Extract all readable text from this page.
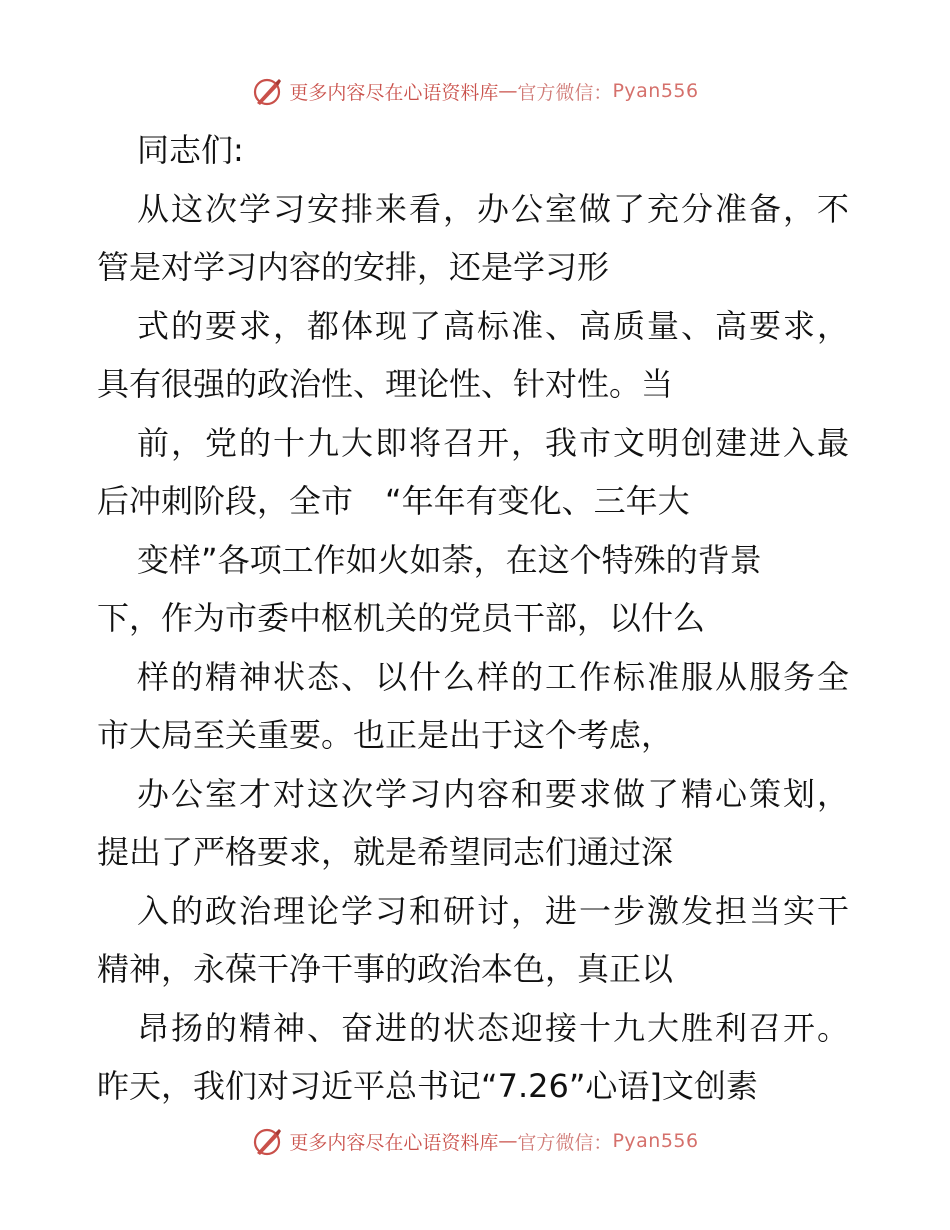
更多内容尽在心语资料库 — 官方微信： Pyan556
同志们:
从这次学习安排来看，办公室做了充分准备，不
管是对学习内容的安排，还是学习形
式的要求，都体现了高标准、高质量、高要求，
具有很强的政治性、理论性、针对性。当
前，党的十九大即将召开，我市文明创建进入最
后冲刺阶段，全市　“年年有变化、三年大
变样”各项工作如火如荼，在这个特殊的背景
下，作为市委中枢机关的党员干部，以什么
样的精神状态、以什么样的工作标准服从服务全
市大局至关重要。也正是出于这个考虑，
办公室才对这次学习内容和要求做了精心策划，
提出了严格要求，就是希望同志们通过深
入的政治理论学习和研讨，进一步激发担当实干
精神，永葆干净干事的政治本色，真正以
昂扬的精神、奋进的状态迎接十九大胜利召开。
昨天，我们对习近平总书记“7.26”心语]文创素
更多内容尽在心语资料库 — 官方微信： Pyan556
